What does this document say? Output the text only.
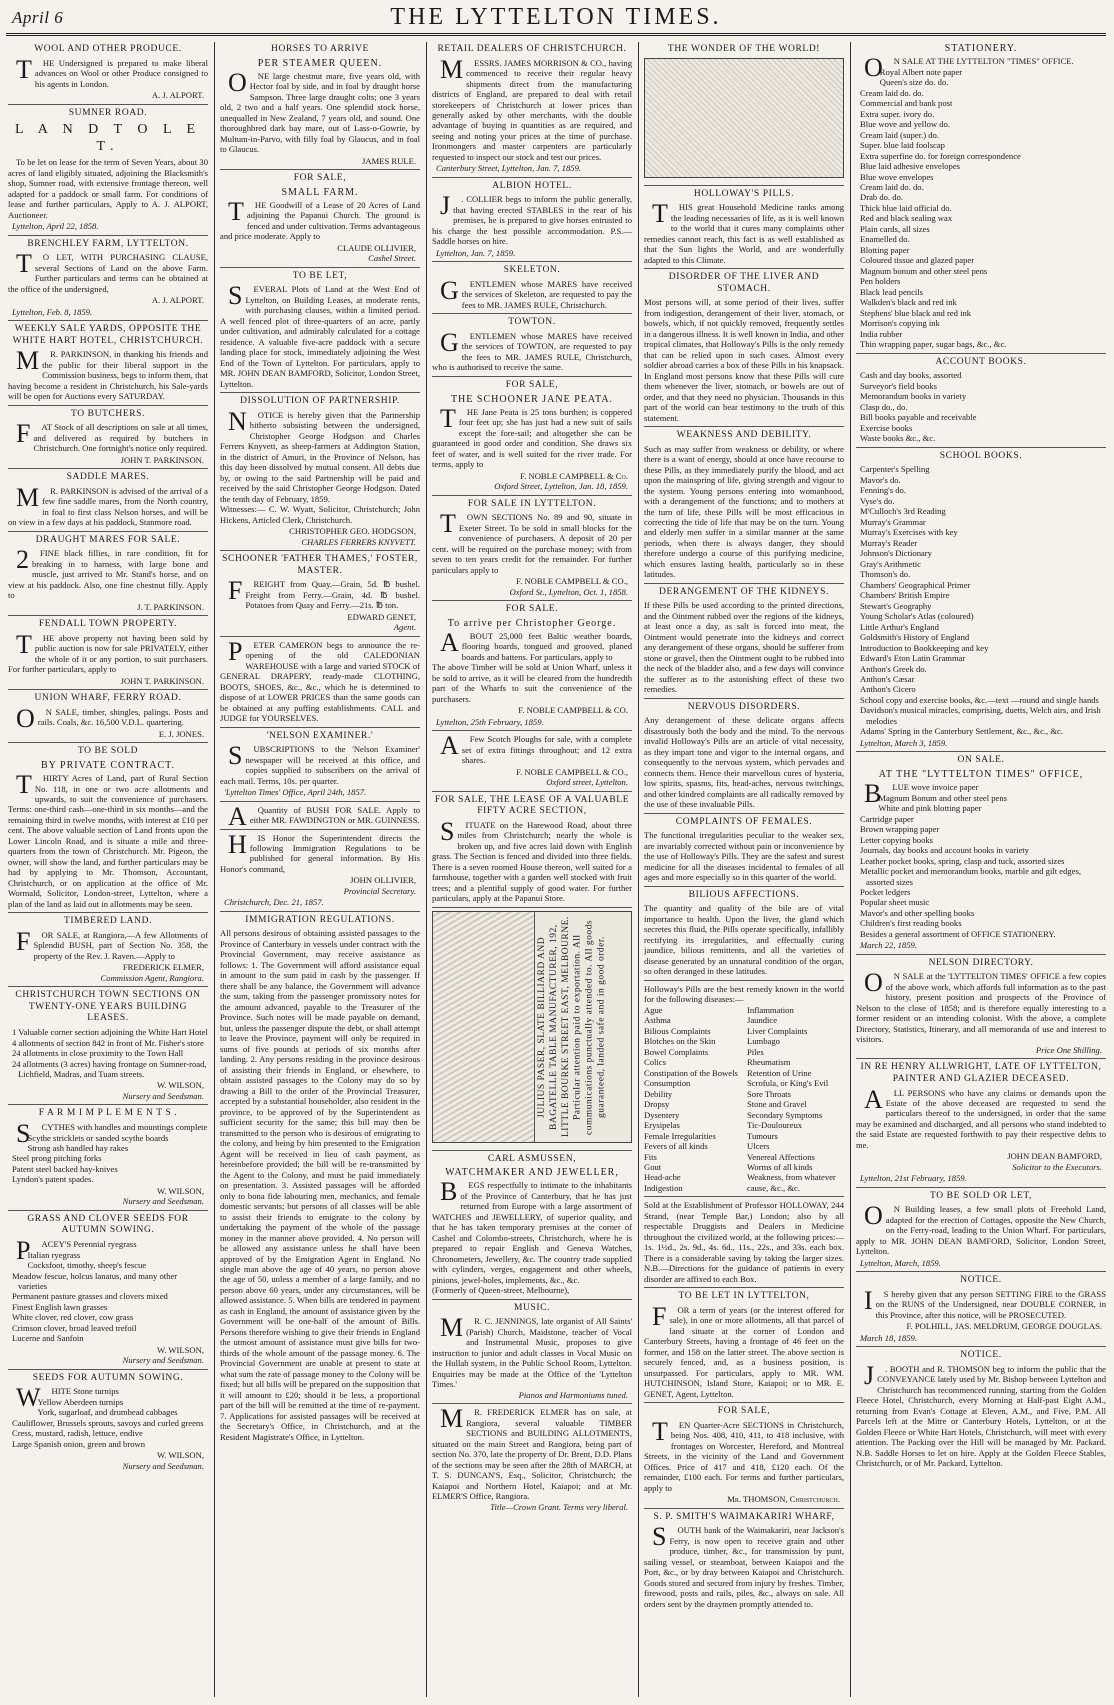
April 6	THE LYTTELTON TIMES.
WOOL AND OTHER PRODUCE.

T HE Undersigned is prepared to make liberal advances on Wool or other Produce consigned to his agents in London.

A. J. ALPORT.
SUMNER ROAD.
L A N D T O L E T.

To be let on lease for the term of Seven Years, about 30 acres of land eligibly situated, adjoining the Blacksmith's shop, Sumner road, with extensive frontage thereon, well adapted for a paddock or small farm. For conditions of lease and further particulars, Apply to A. J. ALPORT, Auctioneer.

Lyttelton, April 22, 1858.
BRENCHLEY FARM, LYTTELTON.

T O LET, WITH PURCHASING CLAUSE, several Sections of Land on the above Farm. Further particulars and terms can be obtained at the office of the undersigned,

A. J. ALPORT.
Lyttelton, Feb. 8, 1859.
WEEKLY SALE YARDS, OPPOSITE THE WHITE HART HOTEL, CHRISTCHURCH.

M R. PARKINSON, in thanking his friends and the public for their liberal support in the Commission business, begs to inform them, that having become a resident in Christchurch, his Sale-yards will be open for Auctions every SATURDAY.

TO BUTCHERS.

F AT Stock of all descriptions on sale at all times, and delivered as required by butchers in Christchurch. One fortnight's notice only required.

JOHN T. PARKINSON.
SADDLE MARES.

M R. PARKINSON is advised of the arrival of a few fine saddle mares, from the North country, in foal to first class Nelson horses, and will be on view in a few days at his paddock, Stanmore road.

DRAUGHT MARES FOR SALE.

2 FINE black fillies, in rare condition, fit for breaking in to harness, with large bone and muscle, just arrived to Mr. Stand's horse, and on view at his paddock. Also, one fine chestnut filly. Apply to

J. T. PARKINSON.
FENDALL TOWN PROPERTY.

T HE above property not having been sold by public auction is now for sale PRIVATELY, either the whole of it or any portion, to suit purchasers. For further particulars, apply to

JOHN T. PARKINSON.
UNION WHARF, FERRY ROAD.

O N SALE, timber, shingles, palings. Posts and rails. Coals, &c. 16,500 V.D.L. quartering.

E. J. JONES.
TO BE SOLD
BY PRIVATE CONTRACT.

T HIRTY Acres of Land, part of Rural Section No. 118, in one or two acre allotments and upwards, to suit the convenience of purchasers. Terms: one-third cash—one-third in six months—and the remaining third in twelve months, with interest at £10 per cent. The above valuable section of Land fronts upon the Lower Lincoln Road, and is situate a mile and three-quarters from the town of Christchurch. Mr. Pigeon, the owner, will show the land, and further particulars may be had by applying to Mr. Thomson, Accountant, Christchurch, or on application at the office of Mr. Wormald, Solicitor, London-street, Lyttelton, where a plan of the land as laid out in allotments may be seen.

TIMBERED LAND.

F OR SALE, at Rangiora,—A few Allotments of Splendid BUSH, part of Section No. 358, the property of the Rev. J. Raven.—Apply to

FREDERICK ELMER,
Commission Agent, Rangiora.
CHRISTCHURCH TOWN SECTIONS ON TWENTY-ONE YEARS BUILDING LEASES.
1 Valuable corner section adjoining the White Hart Hotel
4 allotments of section 842 in front of Mr. Fisher's store
24 allotments in close proximity to the Town Hall
24 allotments (3 acres) having frontage on Sumner-road, Lichfield, Madras, and Tuam streets.
W. WILSON,
Nursery and Seedsman.
F A R M I M P L E M E N T S .

S CYTHES with handles and mountings complete

Scythe stricklets or sanded scythe boards
Strong ash handled hay rakes
Steel prong pitching forks
Patent steel backed hay-knives
Lyndon's patent spades.
W. WILSON,
Nursery and Seedsman.
GRASS AND CLOVER SEEDS FOR AUTUMN SOWING.

P ACEY'S Perennial ryegrass

Italian ryegrass
Cocksfoot, timothy, sheep's fescue
Meadow fescue, holcus lanatus, and many other varieties
Permanent pasture grasses and clovers mixed
Finest English lawn grasses
White clover, red clover, cow grass
Crimson clover, broad leaved trefoil
Lucerne and Sanfoin
W. WILSON,
Nursery and Seedsman.
SEEDS FOR AUTUMN SOWING.

W HITE Stone turnips

Yellow Aberdeen turnips
York, sugarloaf, and drumhead cabbages
Cauliflower, Brussels sprouts, savoys and curled greens
Cress, mustard, radish, lettuce, endive
Large Spanish onion, green and brown
W. WILSON,
Nursery and Seedsman.
HORSES TO ARRIVE
PER STEAMER QUEEN.

O NE large chestnut mare, five years old, with Hector foal by side, and in foal by draught horse Sampson. Three large draught colts; one 3 years old, 2 two and a half years. One splendid stock horse, unequalled in New Zealand, 7 years old, and sound. One thoroughbred dark bay mare, out of Lass-o-Gowrie, by Multum-in-Parvo, with filly foal by Glaucus, and in foal to Glaucus.

JAMES RULE.
FOR SALE,
SMALL FARM.

T HE Goodwill of a Lease of 20 Acres of Land adjoining the Papanui Church. The ground is fenced and under cultivation. Terms advantageous and price moderate. Apply to

CLAUDE OLLIVIER,
Cashel Street.
TO BE LET,

S EVERAL Plots of Land at the West End of Lyttelton, on Building Leases, at moderate rents, with purchasing clauses, within a limited period. A well fenced plot of three-quarters of an acre, partly under cultivation, and admirably calculated for a cottage residence. A valuable five-acre paddock with a secure landing place for stock, immediately adjoining the West End of the Town of Lyttelton. For particulars, apply to MR. JOHN DEAN BAMFORD, Solicitor, London Street, Lyttelton.

DISSOLUTION OF PARTNERSHIP.

N OTICE is hereby given that the Partnership hitherto subsisting between the undersigned, Christopher George Hodgson and Charles Ferrers Knyvett, as sheep-farmers at Addington Station, in the district of Amuri, in the Province of Nelson, has this day been dissolved by mutual consent. All debts due by, or owing to the said Partnership will be paid and received by the said Christopher George Hodgson. Dated the tenth day of February, 1859.

Witnesses:— C. W. Wyatt, Solicitor, Christchurch; John Hickens, Articled Clerk, Christchurch.

CHRISTOPHER GEO. HODGSON,
CHARLES FERRERS KNYVETT.
SCHOONER 'FATHER THAMES,' FOSTER, MASTER.

F REIGHT from Quay.—Grain, 5d. ℔ bushel. Freight from Ferry.—Grain, 4d. ℔ bushel. Potatoes from Quay and Ferry.—21s. ℔ ton.

EDWARD GENET,
Agent.

P ETER CAMERON begs to announce the re-opening of the old CALEDONIAN WAREHOUSE with a large and varied STOCK of GENERAL DRAPERY, ready-made CLOTHING, BOOTS, SHOES, &c., &c., which he is determined to dispose of at LOWER PRICES than the same goods can be obtained at any puffing establishments. CALL and JUDGE for YOURSELVES.

'NELSON EXAMINER.'

S UBSCRIPTIONS to the 'Nelson Examiner' newspaper will be received at this office, and copies supplied to subscribers on the arrival of each mail. Terms, 10s. per quarter.

'Lyttelton Times' Office, April 24th, 1857.

A Quantity of BUSH FOR SALE. Apply to either MR. FAWDINGTON or MR. GUINNESS.

H IS Honor the Superintendent directs the following Immigration Regulations to be published for general information. By His Honor's command,

JOHN OLLIVIER,
Provincial Secretary.
Christchurch, Dec. 21, 1857.
IMMIGRATION REGULATIONS.

All persons desirous of obtaining assisted passages to the Province of Canterbury in vessels under contract with the Provincial Government, may receive assistance as follows: 1. The Government will afford assistance equal in amount to the sum paid in cash by the passenger. If there shall be any balance, the Government will advance the sum, taking from the passenger promissory notes for the amount advanced, payable to the Treasurer of the Province. Such notes will be made payable on demand, but, unless the passenger dispute the debt, or shall attempt to leave the Province, payment will only be required in sums of five pounds at periods of six months after landing. 2. Any persons residing in the province desirous of assisting their friends in England, or elsewhere, to obtain assisted passages to the Colony may do so by drawing a Bill to the order of the Provincial Treasurer, accepted by a substantial householder, also resident in the province, to be approved of by the Superintendent as sufficient security for the same; this bill may then be transmitted to the person who is desirous of emigrating to the colony, and being by him presented to the Emigration Agent will be received in lieu of cash payment, as hereinbefore provided; the bill will be re-transmitted by the Agent to the Colony, and must be paid immediately on presentation. 3. Assisted passages will be afforded only to bona fide labouring men, mechanics, and female domestic servants; but persons of all classes will be able to assist their friends to emigrate to the colony by undertaking the payment of the whole of the passage money in the manner above provided. 4. No person will be allowed any assistance unless he shall have been approved of by the Emigration Agent in England. No single man above the age of 40 years, no person above the age of 50, unless a member of a large family, and no person above 60 years, under any circumstances, will be allowed assistance. 5. When bills are tendered in payment as cash in England, the amount of assistance given by the Government will be one-half of the amount of Bills. Persons therefore wishing to give their friends in England the utmost amount of assistance must give bills for two-thirds of the whole amount of the passage money. 6. The Provincial Government are unable at present to state at what sum the rate of passage money to the Colony will be fixed; but all bills will be prepared on the supposition that it will amount to £20; should it be less, a proportional part of the bill will be remitted at the time of re-payment. 7. Applications for assisted passages will be received at the Secretary's Office, in Christchurch, and at the Resident Magistrate's Office, in Lyttelton.

RETAIL DEALERS OF CHRISTCHURCH.

M ESSRS. JAMES MORRISON & CO., having commenced to receive their regular heavy shipments direct from the manufacturing districts of England, are prepared to deal with retail storekeepers of Christchurch at lower prices than generally asked by other merchants, with the double advantage of buying in quantities as are required, and seeing and noting your prices at the time of purchase. Ironmongers and master carpenters are particularly requested to inspect our stock and test our prices.

Canterbury Street, Lyttelton, Jan. 7, 1859.
ALBION HOTEL.

J . COLLIER begs to inform the public generally, that having erected STABLES in the rear of his premises, he is prepared to give horses entrusted to his charge the best possible accommodation. P.S.—Saddle horses on hire.

Lyttelton, Jan. 7, 1859.
SKELETON.

G ENTLEMEN whose MARES have received the services of Skeleton, are requested to pay the fees to MR. JAMES RULE, Christchurch.

TOWTON.

G ENTLEMEN whose MARES have received the services of TOWTON, are requested to pay the fees to MR. JAMES RULE, Christchurch, who is authorised to receive the same.

FOR SALE,
THE SCHOONER JANE PEATA.

T HE Jane Peata is 25 tons burthen; is coppered four feet up; she has just had a new suit of sails except the fore-sail; and altogether she can be guaranteed in good order and condition. She draws six feet of water, and is well suited for the river trade. For terms, apply to

F. NOBLE CAMPBELL & Co.
Oxford Street, Lyttelton, Jan. 18, 1859.
FOR SALE IN LYTTELTON.

T OWN SECTIONS No. 89 and 90, situate in Exeter Street. To be sold in small blocks for the convenience of purchasers. A deposit of 20 per cent. will be required on the purchase money; with from seven to ten years credit for the remainder. For further particulars apply to

F. NOBLE CAMPBELL & CO.,
Oxford St., Lyttelton, Oct. 1, 1858.
FOR SALE.
To arrive per Christopher George.

A BOUT 25,000 feet Baltic weather boards, flooring boards, tongued and grooved, planed boards and battens. For particulars, apply to

The above Timber will be sold at Union Wharf, unless it be sold to arrive, as it will be cleared from the hundredth part of the Wharfs to suit the convenience of the purchasers.

F. NOBLE CAMPBELL & CO.
Lyttelton, 25th February, 1859.

A Few Scotch Ploughs for sale, with a complete set of extra fittings throughout; and 12 extra shares.

F. NOBLE CAMPBELL & CO.,
Oxford street, Lyttelton.
FOR SALE, THE LEASE OF A VALUABLE FIFTY ACRE SECTION,

S ITUATE on the Harewood Road, about three miles from Christchurch; nearly the whole is broken up, and five acres laid down with English grass. The Section is fenced and divided into three fields. There is a seven roomed House thereon, well suited for a farmhouse, together with a garden well stocked with fruit trees; and a plentiful supply of good water. For further particulars, apply at the Papanui Store.

JULIUS PASER, SLATE BILLIARD AND BAGATELLE TABLE MANUFACTURER, 192, LITTLE BOURKE STREET EAST, MELBOURNE. Particular attention paid to exportation. All communications punctually attended to. All goods guaranteed, landed safe and in good order.
CARL ASMUSSEN,
WATCHMAKER AND JEWELLER,

B EGS respectfully to intimate to the inhabitants of the Province of Canterbury, that he has just returned from Europe with a large assortment of WATCHES and JEWELLERY, of superior quality, and that he has taken temporary premises at the corner of Cashel and Colombo-streets, Christchurch, where he is prepared to repair English and Geneva Watches, Chronometers, Jewellery, &c. The country trade supplied with cylinders, verges, engagement and other wheels, pinions, jewel-holes, implements, &c., &c.

(Formerly of Queen-street, Melbourne),

MUSIC.

M R. C. JENNINGS, late organist of All Saints' (Parish) Church, Maidstone, teacher of Vocal and Instrumental Music, proposes to give instruction to junior and adult classes in Vocal Music on the Hullah system, in the Public School Room, Lyttelton. Enquiries may be made at the Office of the 'Lyttelton Times.'

Pianos and Harmoniums tuned.

M R. FREDERICK ELMER has on sale, at Rangiora, several valuable TIMBER SECTIONS and BUILDING ALLOTMENTS, situated on the main Street and Rangiora, being part of section No. 370, late the property of Dr. Brent, D.D. Plans of the sections may be seen after the 28th of MARCH, at T. S. DUNCAN'S, Esq., Solicitor, Christchurch; the Kaiapoi and Northern Hotel, Kaiapoi; and at Mr. ELMER'S Office, Rangiora.

Title—Crown Grant. Terms very liberal.
THE WONDER OF THE WORLD!
HOLLOWAY'S PILLS.

T HIS great Household Medicine ranks among the leading necessaries of life, as it is well known to the world that it cures many complaints other remedies cannot reach, this fact is as well established as that the Sun lights the World, and are wonderfully adapted to this Climate.

DISORDER OF THE LIVER AND STOMACH.

Most persons will, at some period of their lives, suffer from indigestion, derangement of their liver, stomach, or bowels, which, if not quickly removed, frequently settles in a dangerous illness. It is well known in India, and other tropical climates, that Holloway's Pills is the only remedy that can be relied upon in such cases. Almost every soldier abroad carries a box of these Pills in his knapsack. In England most persons know that these Pills will cure them whenever the liver, stomach, or bowels are out of order, and that they need no physician. Thousands in this part of the world can bear testimony to the truth of this statement.

WEAKNESS AND DEBILITY.

Such as may suffer from weakness or debility, or where there is a want of energy, should at once have recourse to these Pills, as they immediately purify the blood, and act upon the mainspring of life, giving strength and vigour to the system. Young persons entering into womanhood, with a derangement of the functions; and to mothers at the turn of life, these Pills will be most efficacious in correcting the tide of life that may be on the turn. Young and elderly men suffer in a similar manner at the same periods, when there is always danger, they should therefore undergo a course of this purifying medicine, which ensures lasting health, particularly so in these latitudes.

DERANGEMENT OF THE KIDNEYS.

If these Pills be used according to the printed directions, and the Ointment rubbed over the regions of the kidneys, at least once a day, as salt is forced into meat, the Ointment would penetrate into the kidneys and correct any derangement of these organs, should be sufferer from stone or gravel, then the Ointment ought to be rubbed into the neck of the bladder also, and a few days will convince the sufferer as to the astonishing effect of these two remedies.

NERVOUS DISORDERS.

Any derangement of these delicate organs affects disastrously both the body and the mind. To the nervous invalid Holloway's Pills are an article of vital necessity, as they impart tone and vigor to the internal organs, and consequently to the nervous system, which pervades and connects them. Hence their marvellous cures of hysteria, low spirits, spasms, fits, head-aches, nervous twitchings, and other kindred complaints are all radically removed by the use of these invaluable Pills.

COMPLAINTS OF FEMALES.

The functional irregularities peculiar to the weaker sex, are invariably corrected without pain or inconvenience by the use of Holloway's Pills. They are the safest and surest medicine for all the diseases incidental to females of all ages and more especially so in this quarter of the world.

BILIOUS AFFECTIONS.

The quantity and quality of the bile are of vital importance to health. Upon the liver, the gland which secretes this fluid, the Pills operate specifically, infallibly rectifying its irregularities, and effectually curing jaundice, bilious remittents, and all the varieties of disease generated by an unnatural condition of the organ, so often deranged in these latitudes.

Holloway's Pills are the best remedy known in the world for the following diseases:—

Ague
Asthma
Bilious Complaints
Blotches on the Skin
Bowel Complaints
Colics
Constipation of the Bowels
Consumption
Debility
Dropsy
Dysentery
Erysipelas
Female Irregularities
Fevers of all kinds
Fits
Gout
Head-ache
Indigestion
Inflammation
Jaundice
Liver Complaints
Lumbago
Piles
Rheumatism
Retention of Urine
Scrofula, or King's Evil
Sore Throats
Stone and Gravel
Secondary Symptoms
Tic-Douloureux
Tumours
Ulcers
Venereal Affections
Worms of all kinds
Weakness, from whatever cause, &c., &c.

Sold at the Establishment of Professor HOLLOWAY, 244 Strand, (near Temple Bar,) London; also by all respectable Druggists and Dealers in Medicine throughout the civilized world, at the following prices:—1s. 1½d., 2s. 9d., 4s. 6d., 11s., 22s., and 33s. each box. There is a considerable saving by taking the larger sizes. N.B.—Directions for the guidance of patients in every disorder are affixed to each Box.

TO BE LET IN LYTTELTON,

F OR a term of years (or the interest offered for sale), in one or more allotments, all that parcel of land situate at the corner of London and Canterbury Streets, having a frontage of 46 feet on the former, and 158 on the latter street. The above section is securely fenced, and, as a business position, is unsurpassed. For particulars, apply to MR. WM. HUTCHINSON, Island Store, Kaiapoi; or to MR. E. GENET, Agent, Lyttelton.

FOR SALE,

T EN Quarter-Acre SECTIONS in Christchurch, being Nos. 408, 410, 411, to 418 inclusive, with frontages on Worcester, Hereford, and Montreal Streets, in the vicinity of the Land and Government Offices. Price of 417 and 418, £120 each. Of the remainder, £100 each. For terms and further particulars, apply to

Mr. THOMSON, Christchurch.
S. P. SMITH'S WAIMAKARIRI WHARF,

S OUTH bank of the Waimakariri, near Jackson's Ferry, is now open to receive grain and other produce, timber, &c., for transmission by punt, sailing vessel, or steamboat, between Kaiapoi and the Port, &c., or by dray between Kaiapoi and Christchurch. Goods stored and secured from injury by freshes. Timber, firewood, posts and rails, piles, &c., always on sale. All orders sent by the draymen promptly attended to.

STATIONERY.

O N SALE AT THE LYTTELTON "TIMES" OFFICE.

Royal Albert note paper
Queen's size do. do.
Cream laid do. do.
Commercial and bank post
Extra super. ivory do.
Blue wove and yellow do.
Cream laid (super.) do.
Super. blue laid foolscap
Extra superfine do. for foreign correspondence
Blue laid adhesive envelopes
Blue wove envelopes
Cream laid do. do.
Drab do. do.
Thick blue laid official do.
Red and black sealing wax
Plain cards, all sizes
Enamelled do.
Blotting paper
Coloured tissue and glazed paper
Magnum bonum and other steel pens
Pen holders
Black lead pencils
Walkden's black and red ink
Stephens' blue black and red ink
Morrison's copying ink
India rubber
Thin wrapping paper, sugar bags, &c., &c.
ACCOUNT BOOKS.
Cash and day books, assorted
Surveyor's field books
Memorandum books in variety
Clasp do., do.
Bill books payable and receivable
Exercise books
Waste books &c., &c.
SCHOOL BOOKS.
Carpenter's Spelling
Mavor's do.
Fenning's do.
Vyse's do.
M'Culloch's 3rd Reading
Murray's Grammar
Murray's Exercises with key
Murray's Reader
Johnson's Dictionary
Gray's Arithmetic
Thomson's do.
Chambers' Geographical Primer
Chambers' British Empire
Stewart's Geography
Young Scholar's Atlas (coloured)
Little Arthur's England
Goldsmith's History of England
Introduction to Bookkeeping and key
Edward's Eton Latin Grammar
Anthon's Greek do.
Anthon's Cæsar
Anthon's Cicero
School copy and exercise books, &c.—text —round and single hands
Davidson's musical miracles, comprising, duetts, Welch airs, and Irish melodies
Adams' Spring in the Canterbury Settlement, &c., &c., &c.
Lyttelton, March 3, 1859.
ON SALE.
AT THE "LYTTELTON TIMES" OFFICE,

B LUE wove invoice paper

Magnum Bonum and other steel pens
White and pink blotting paper
Cartridge paper
Brown wrapping paper
Letter copying books
Journals, day books and account books in variety
Leather pocket books, spring, clasp and tuck, assorted sizes
Metallic pocket and memorandum books, marble and gilt edges, assorted sizes
Pocket ledgers
Popular sheet music
Mavor's and other spelling books
Children's first reading books
Besides a general assortment of OFFICE STATIONERY.
March 22, 1859.
NELSON DIRECTORY.

O N SALE at the 'LYTTELTON TIMES' OFFICE a few copies of the above work, which affords full information as to the past history, present position and prospects of the Province of Nelson to the close of 1858; and is therefore equally interesting to a former resident or an intending colonist. With the above, a complete Directory, Statistics, Itinerary, and all memoranda of use and interest to visitors.

Price One Shilling.
IN RE HENRY ALLWRIGHT, LATE OF LYTTELTON, PAINTER AND GLAZIER DECEASED.

A LL PERSONS who have any claims or demands upon the Estate of the above deceased are requested to send the particulars thereof to the undersigned, in order that the same may be examined and discharged, and all persons who stand indebted to the said Estate are requested forthwith to pay their respective debts to me.

JOHN DEAN BAMFORD,
Solicitor to the Executors.
Lyttelton, 21st February, 1859.
TO BE SOLD OR LET,

O N Building leases, a few small plots of Freehold Land, adapted for the erection of Cottages, opposite the New Church, on the Ferry-road, leading to the Union Wharf. For particulars, apply to MR. JOHN DEAN BAMFORD, Solicitor, London Street, Lyttelton.

Lyttelton, March, 1859.
NOTICE.

I S hereby given that any person SETTING FIRE to the GRASS on the RUNS of the Undersigned, near DOUBLE CORNER, in this Province, after this notice, will be PROSECUTED.

F. POLHILL, JAS. MELDRUM, GEORGE DOUGLAS.
March 18, 1859.
NOTICE.

J . BOOTH and R. THOMSON beg to inform the public that the CONVEYANCE lately used by Mr. Bishop between Lyttelton and Christchurch has recommenced running, starting from the Golden Fleece Hotel, Christchurch, every Morning at Half-past Eight A.M., returning from Evan's Cottage at Eleven, A.M., and Five, P.M. All Parcels left at the Mitre or Canterbury Hotels, Lyttelton, or at the Golden Fleece or White Hart Hotels, Christchurch, will meet with every attention. The Packing over the Hill will be managed by Mr. Packard. N.B. Saddle Horses to let on hire. Apply at the Golden Fleece Stables, Christchurch, or of Mr. Packard, Lyttelton.
